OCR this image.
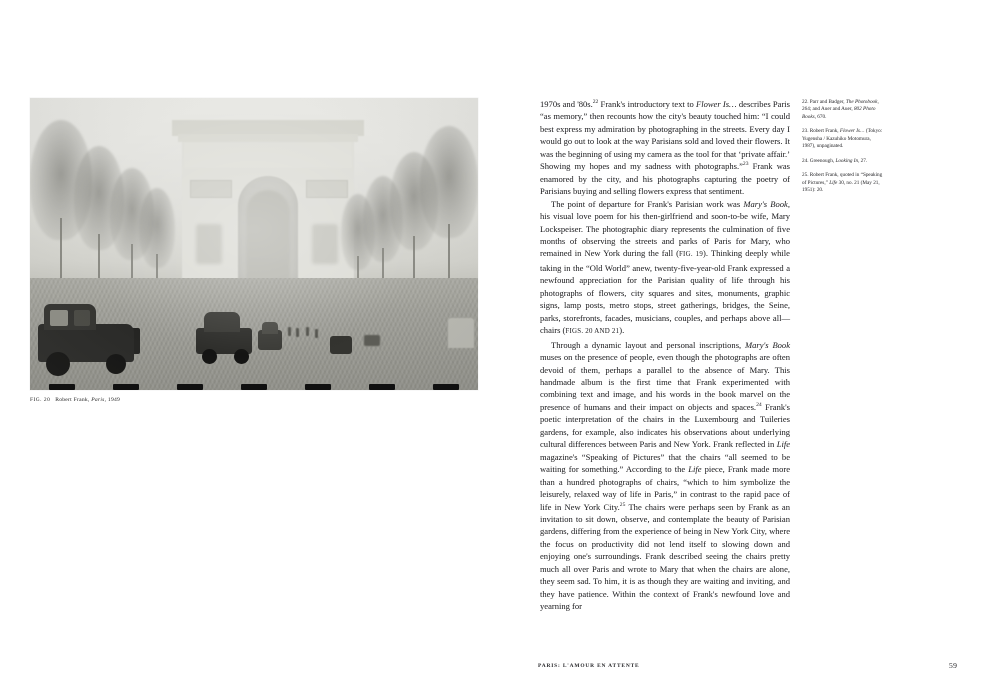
FIG. 20 Robert Frank, Paris, 1949

1970s and '80s.$^{22}$ Frank's introductory text to Flower Is… describes Paris “as memory,” then recounts how the city's beauty touched him: “I could best express my admiration by photographing in the streets. Every day I would go out to look at the way Parisians sold and loved their flowers. It was the beginning of using my camera as the tool for that ‘private affair.’ Showing my hopes and my sadness with photographs.”$^{23}$ Frank was enamored by the city, and his photographs capturing the poetry of Parisians buying and selling flowers express that sentiment.

The point of departure for Frank's Parisian work was Mary's Book, his visual love poem for his then-girlfriend and soon-to-be wife, Mary Lockspeiser. The photographic diary represents the culmination of five months of observing the streets and parks of Paris for Mary, who remained in New York during the fall (FIG. 19). Thinking deeply while taking in the “Old World” anew, twenty-five-year-old Frank expressed a newfound appreciation for the Parisian quality of life through his photographs of flowers, city squares and sites, monuments, graphic signs, lamp posts, metro stops, street gatherings, bridges, the Seine, parks, storefronts, facades, musicians, couples, and perhaps above all—chairs (FIGS. 20 AND 21).

Through a dynamic layout and personal inscriptions, Mary's Book muses on the presence of people, even though the photographs are often devoid of them, perhaps a parallel to the absence of Mary. This handmade album is the first time that Frank experimented with combining text and image, and his words in the book marvel on the presence of humans and their impact on objects and spaces.$^{24}$ Frank's poetic interpretation of the chairs in the Luxembourg and Tuileries gardens, for example, also indicates his observations about underlying cultural differences between Paris and New York. Frank reflected in Life magazine's “Speaking of Pictures” that the chairs “all seemed to be waiting for something.” According to the Life piece, Frank made more than a hundred photographs of chairs, “which to him symbolize the leisurely, relaxed way of life in Paris,” in contrast to the rapid pace of life in New York City.$^{25}$ The chairs were perhaps seen by Frank as an invitation to sit down, observe, and contemplate the beauty of Parisian gardens, differing from the experience of being in New York City, where the focus on productivity did not lend itself to slowing down and enjoying one's surroundings. Frank described seeing the chairs pretty much all over Paris and wrote to Mary that when the chairs are alone, they seem sad. To him, it is as though they are waiting and inviting, and they have patience. Within the context of Frank's newfound love and yearning for

22. Parr and Badger, The Photobook, 264; and Auer and Auer, 802 Photo Books, 670.
23. Robert Frank, Flower Is… (Tokyo: Yugensha / Kazuhiko Motomura, 1987), unpaginated.
24. Greenough, Looking In, 27.
25. Robert Frank, quoted in “Speaking of Pictures,” Life 30, no. 21 (May 21, 1951): 20.
PARIS: L'AMOUR EN ATTENTE	59
